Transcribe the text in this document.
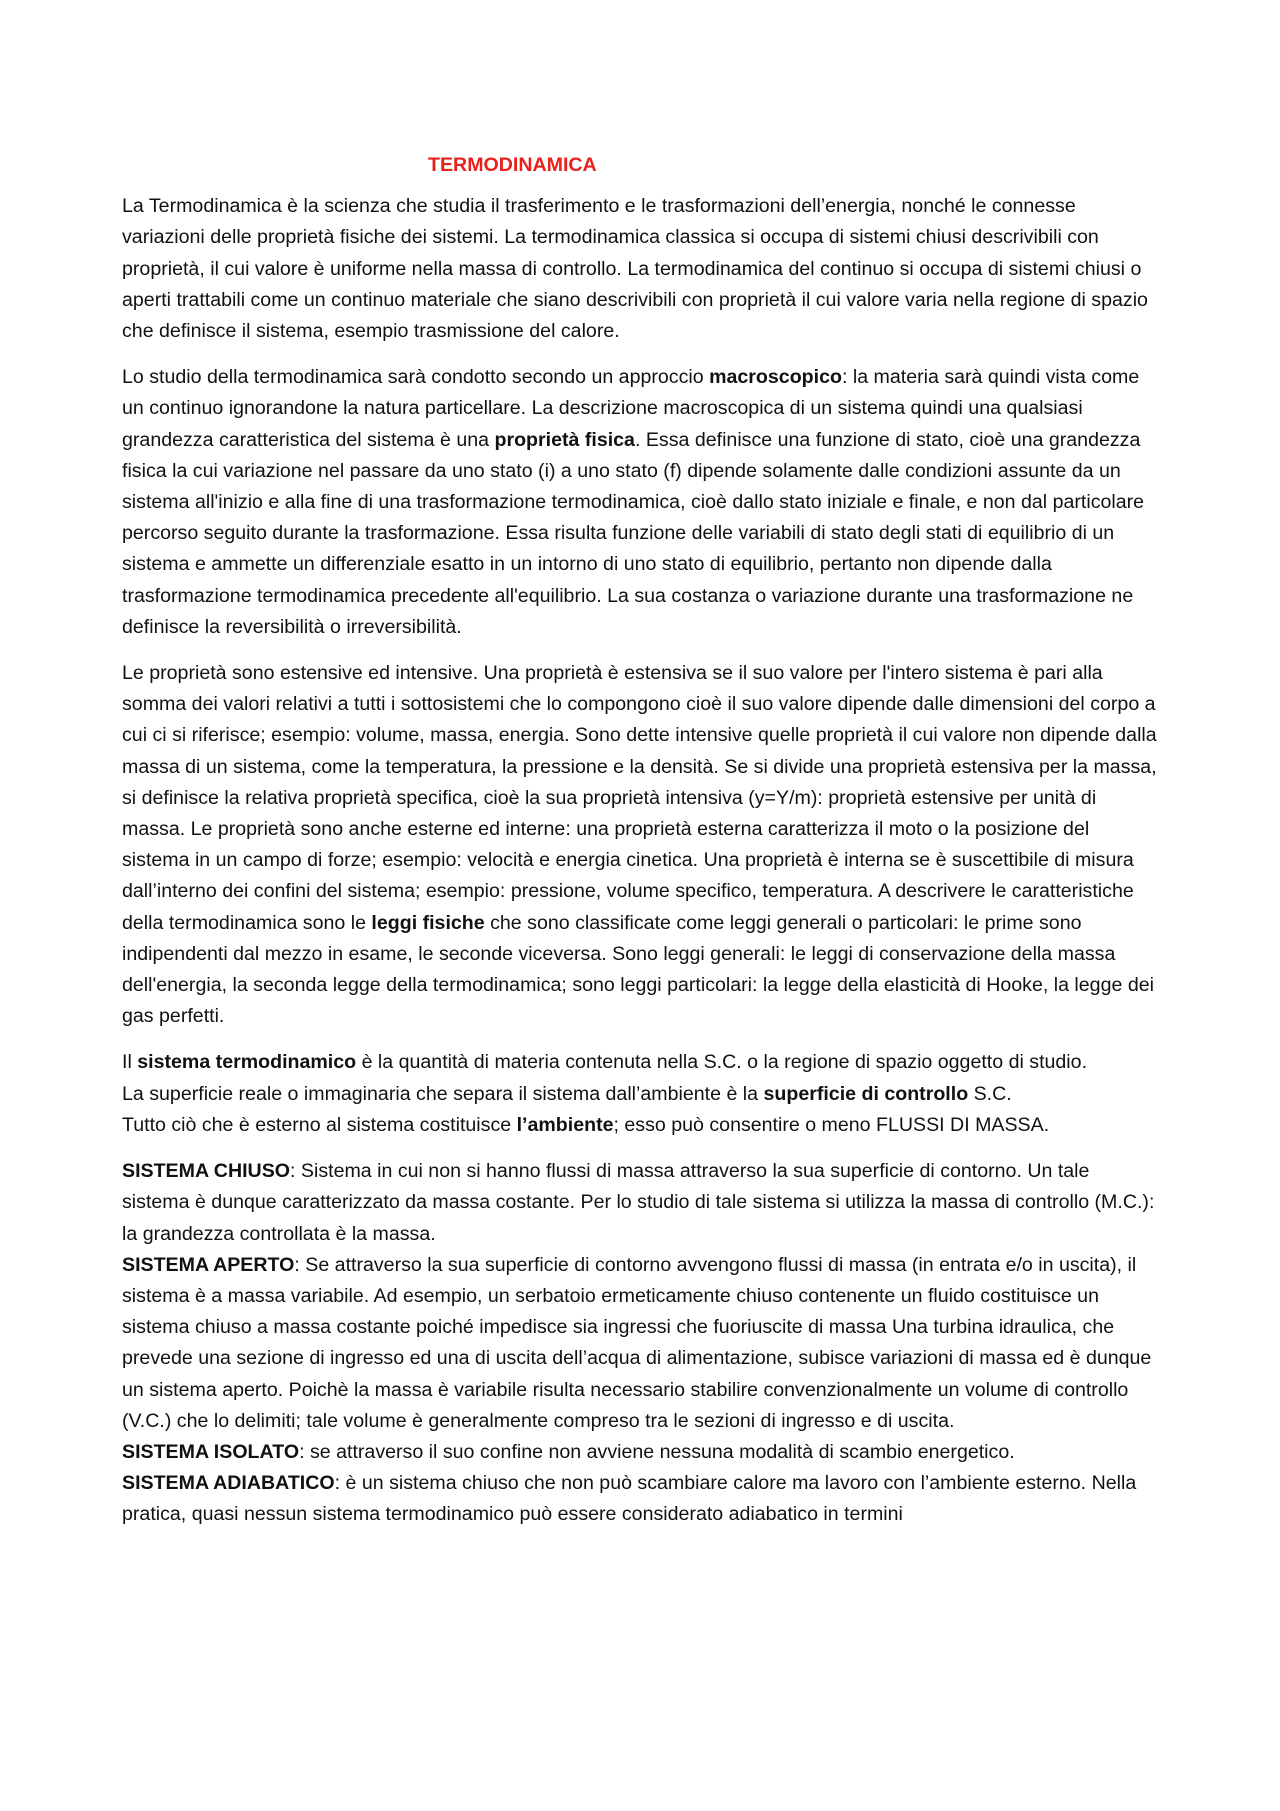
TERMODINAMICA

La Termodinamica è la scienza che studia il trasferimento e le trasformazioni dell’energia, nonché le connesse variazioni delle proprietà fisiche dei sistemi. La termodinamica classica si occupa di sistemi chiusi descrivibili con proprietà, il cui valore è uniforme nella massa di controllo. La termodinamica del continuo si occupa di sistemi chiusi o aperti trattabili come un continuo materiale che siano descrivibili con proprietà il cui valore varia nella regione di spazio che definisce il sistema, esempio trasmissione del calore.

Lo studio della termodinamica sarà condotto secondo un approccio macroscopico: la materia sarà quindi vista come un continuo ignorandone la natura particellare. La descrizione macroscopica di un sistema quindi una qualsiasi grandezza caratteristica del sistema è una proprietà fisica. Essa definisce una funzione di stato, cioè una grandezza fisica la cui variazione nel passare da uno stato (i) a uno stato (f) dipende solamente dalle condizioni assunte da un sistema all'inizio e alla fine di una trasformazione termodinamica, cioè dallo stato iniziale e finale, e non dal particolare percorso seguito durante la trasformazione. Essa risulta funzione delle variabili di stato degli stati di equilibrio di un sistema e ammette un differenziale esatto in un intorno di uno stato di equilibrio, pertanto non dipende dalla trasformazione termodinamica precedente all'equilibrio. La sua costanza o variazione durante una trasformazione ne definisce la reversibilità o irreversibilità.

Le proprietà sono estensive ed intensive. Una proprietà è estensiva se il suo valore per l'intero sistema è pari alla somma dei valori relativi a tutti i sottosistemi che lo compongono cioè il suo valore dipende dalle dimensioni del corpo a cui ci si riferisce; esempio: volume, massa, energia. Sono dette intensive quelle proprietà il cui valore non dipende dalla massa di un sistema, come la temperatura, la pressione e la densità. Se si divide una proprietà estensiva per la massa, si definisce la relativa proprietà specifica, cioè la sua proprietà intensiva (y=Y/m): proprietà estensive per unità di massa. Le proprietà sono anche esterne ed interne: una proprietà esterna caratterizza il moto o la posizione del sistema in un campo di forze; esempio: velocità e energia cinetica. Una proprietà è interna se è suscettibile di misura dall’interno dei confini del sistema; esempio: pressione, volume specifico, temperatura. A descrivere le caratteristiche della termodinamica sono le leggi fisiche che sono classificate come leggi generali o particolari: le prime sono indipendenti dal mezzo in esame, le seconde viceversa. Sono leggi generali: le leggi di conservazione della massa dell'energia, la seconda legge della termodinamica; sono leggi particolari: la legge della elasticità di Hooke, la legge dei gas perfetti.

Il sistema termodinamico è la quantità di materia contenuta nella S.C. o la regione di spazio oggetto di studio.

La superficie reale o immaginaria che separa il sistema dall’ambiente è la superficie di controllo S.C.

Tutto ciò che è esterno al sistema costituisce l’ambiente; esso può consentire o meno FLUSSI DI MASSA.

SISTEMA CHIUSO: Sistema in cui non si hanno flussi di massa attraverso la sua superficie di contorno. Un tale sistema è dunque caratterizzato da massa costante. Per lo studio di tale sistema si utilizza la massa di controllo (M.C.): la grandezza controllata è la massa.

SISTEMA APERTO: Se attraverso la sua superficie di contorno avvengono flussi di massa (in entrata e/o in uscita), il sistema è a massa variabile. Ad esempio, un serbatoio ermeticamente chiuso contenente un fluido costituisce un sistema chiuso a massa costante poiché impedisce sia ingressi che fuoriuscite di massa Una turbina idraulica, che prevede una sezione di ingresso ed una di uscita dell’acqua di alimentazione, subisce variazioni di massa ed è dunque un sistema aperto. Poichè la massa è variabile risulta necessario stabilire convenzionalmente un volume di controllo (V.C.) che lo delimiti; tale volume è generalmente compreso tra le sezioni di ingresso e di uscita.

SISTEMA ISOLATO: se attraverso il suo confine non avviene nessuna modalità di scambio energetico.

SISTEMA ADIABATICO: è un sistema chiuso che non può scambiare calore ma lavoro con l’ambiente esterno. Nella pratica, quasi nessun sistema termodinamico può essere considerato adiabatico in termini
